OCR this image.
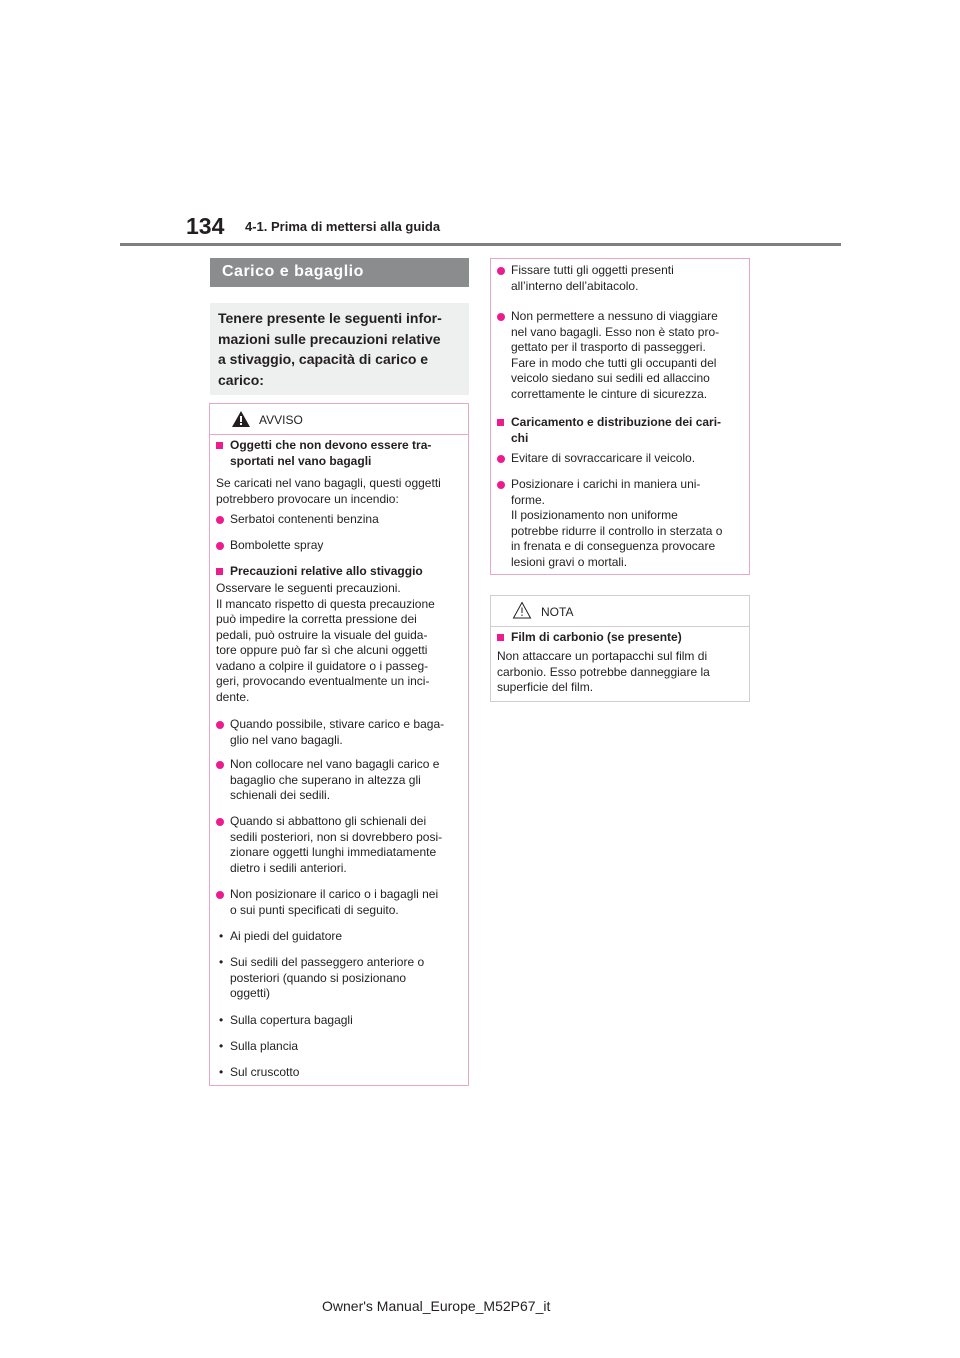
134 4-1. Prima di mettersi alla guida
Carico e bagaglio
Tenere presente le seguenti infor-
mazioni sulle precauzioni relative
a stivaggio, capacità di carico e
carico:
AVVISO
Oggetti che non devono essere tra-
sportati nel vano bagagli
Se caricati nel vano bagagli, questi oggetti
potrebbero provocare un incendio:
Serbatoi contenenti benzina
Bombolette spray
Precauzioni relative allo stivaggio
Osservare le seguenti precauzioni.
Il mancato rispetto di questa precauzione
può impedire la corretta pressione dei
pedali, può ostruire la visuale del guida-
tore oppure può far sì che alcuni oggetti
vadano a colpire il guidatore o i passeg-
geri, provocando eventualmente un inci-
dente.
Quando possibile, stivare carico e baga-
glio nel vano bagagli.
Non collocare nel vano bagagli carico e
bagaglio che superano in altezza gli
schienali dei sedili.
Quando si abbattono gli schienali dei
sedili posteriori, non si dovrebbero posi-
zionare oggetti lunghi immediatamente
dietro i sedili anteriori.
Non posizionare il carico o i bagagli nei
o sui punti specificati di seguito.
• Ai piedi del guidatore
• Sui sedili del passeggero anteriore o
posteriori (quando si posizionano
oggetti)
• Sulla copertura bagagli
• Sulla plancia
• Sul cruscotto
Fissare tutti gli oggetti presenti
all’interno dell’abitacolo.
Non permettere a nessuno di viaggiare
nel vano bagagli. Esso non è stato pro-
gettato per il trasporto di passeggeri.
Fare in modo che tutti gli occupanti del
veicolo siedano sui sedili ed allaccino
correttamente le cinture di sicurezza.
Caricamento e distribuzione dei cari-
chi
Evitare di sovraccaricare il veicolo.
Posizionare i carichi in maniera uni-
forme.
Il posizionamento non uniforme
potrebbe ridurre il controllo in sterzata o
in frenata e di conseguenza provocare
lesioni gravi o mortali.
NOTA
Film di carbonio (se presente)
Non attaccare un portapacchi sul film di
carbonio. Esso potrebbe danneggiare la
superficie del film.
Owner's Manual_Europe_M52P67_it
